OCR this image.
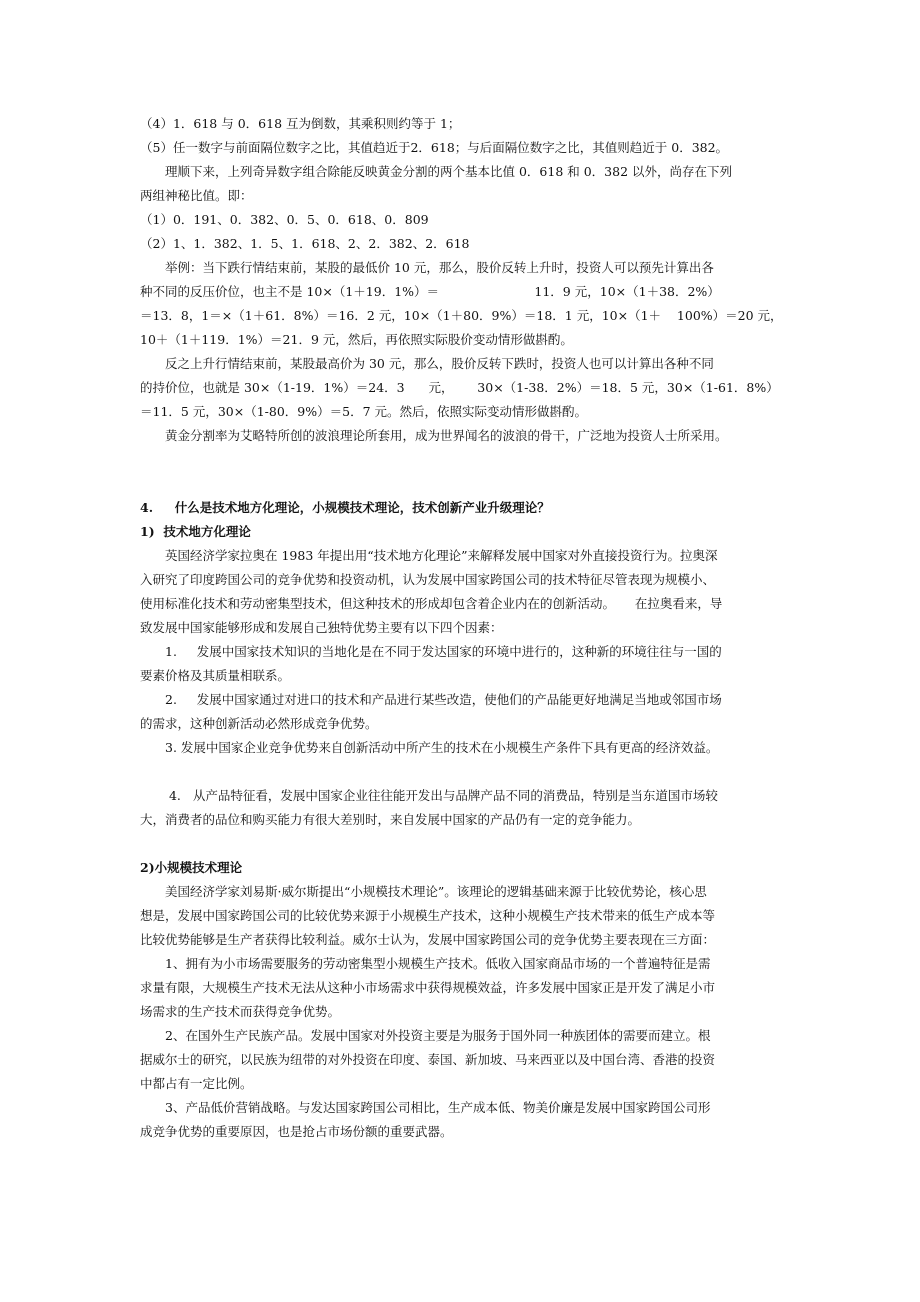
（4）1．618 与 0．618 互为倒数，其乘积则约等于 1；
（5）任一数字与前面隔位数字之比，其值趋近于2．618；与后面隔位数字之比，其值则趋近于 0．382。
　　理顺下来，上列奇异数字组合除能反映黄金分割的两个基本比值 0．618 和 0．382 以外，尚存在下列
两组神秘比值。即：
（1）0．191、0．382、0．5、0．618、0．809
（2）1、1．382、1．5、1．618、2、2．382、2．618
　　举例：当下跌行情结束前，某股的最低价 10 元，那么，股价反转上升时，投资人可以预先计算出各
种不同的反压价位，也主不是 10×（1＋19．1%）＝                        11．9 元，10×（1＋38．2%）
＝13．8，1＝×（1＋61．8%）＝16．2 元，10×（1＋80．9%）＝18．1 元，10×（1＋    100%）＝20 元，
10＋（1＋119．1%）＝21．9 元，然后，再依照实际股价变动情形做斟酌。
　　反之上升行情结束前，某股最高价为 30 元，那么，股价反转下跌时，投资人也可以计算出各种不同
的持价位，也就是 30×（1-19．1%）＝24．3      元，      30×（1-38．2%）＝18．5 元，30×（1-61．8%）
＝11．5 元，30×（1-80．9%）＝5．7 元。然后，依照实际变动情形做斟酌。
　　黄金分割率为艾略特所创的波浪理论所套用，成为世界闻名的波浪的骨干，广泛地为投资人士所采用。
4.     什么是技术地方化理论，小规模技术理论，技术创新产业升级理论？
1)  技术地方化理论
　　英国经济学家拉奥在 1983 年提出用“技术地方化理论”来解释发展中国家对外直接投资行为。拉奥深
入研究了印度跨国公司的竞争优势和投资动机，认为发展中国家跨国公司的技术特征尽管表现为规模小、
使用标准化技术和劳动密集型技术，但这种技术的形成却包含着企业内在的创新活动。     在拉奥看来，导
致发展中国家能够形成和发展自己独特优势主要有以下四个因素：
　　1.     发展中国家技术知识的当地化是在不同于发达国家的环境中进行的，这种新的环境往往与一国的
要素价格及其质量相联系。
　　2.     发展中国家通过对进口的技术和产品进行某些改造，使他们的产品能更好地满足当地或邻国市场
的需求，这种创新活动必然形成竞争优势。
　　3. 发展中国家企业竞争优势来自创新活动中所产生的技术在小规模生产条件下具有更高的经济效益。
　　 4.   从产品特征看，发展中国家企业往往能开发出与品牌产品不同的消费品，特别是当东道国市场较
大，消费者的品位和购买能力有很大差别时，来自发展中国家的产品仍有一定的竞争能力。
2)小规模技术理论
　　美国经济学家刘易斯·威尔斯提出“小规模技术理论”。该理论的逻辑基础来源于比较优势论，核心思
想是，发展中国家跨国公司的比较优势来源于小规模生产技术，这种小规模生产技术带来的低生产成本等
比较优势能够是生产者获得比较利益。威尔士认为，发展中国家跨国公司的竞争优势主要表现在三方面：
　　1、拥有为小市场需要服务的劳动密集型小规模生产技术。低收入国家商品市场的一个普遍特征是需
求量有限，大规模生产技术无法从这种小市场需求中获得规模效益，许多发展中国家正是开发了满足小市
场需求的生产技术而获得竞争优势。
　　2、在国外生产民族产品。发展中国家对外投资主要是为服务于国外同一种族团体的需要而建立。根
据威尔士的研究，以民族为纽带的对外投资在印度、泰国、新加坡、马来西亚以及中国台湾、香港的投资
中都占有一定比例。
　　3、产品低价营销战略。与发达国家跨国公司相比，生产成本低、物美价廉是发展中国家跨国公司形
成竞争优势的重要原因，也是抢占市场份额的重要武器。
